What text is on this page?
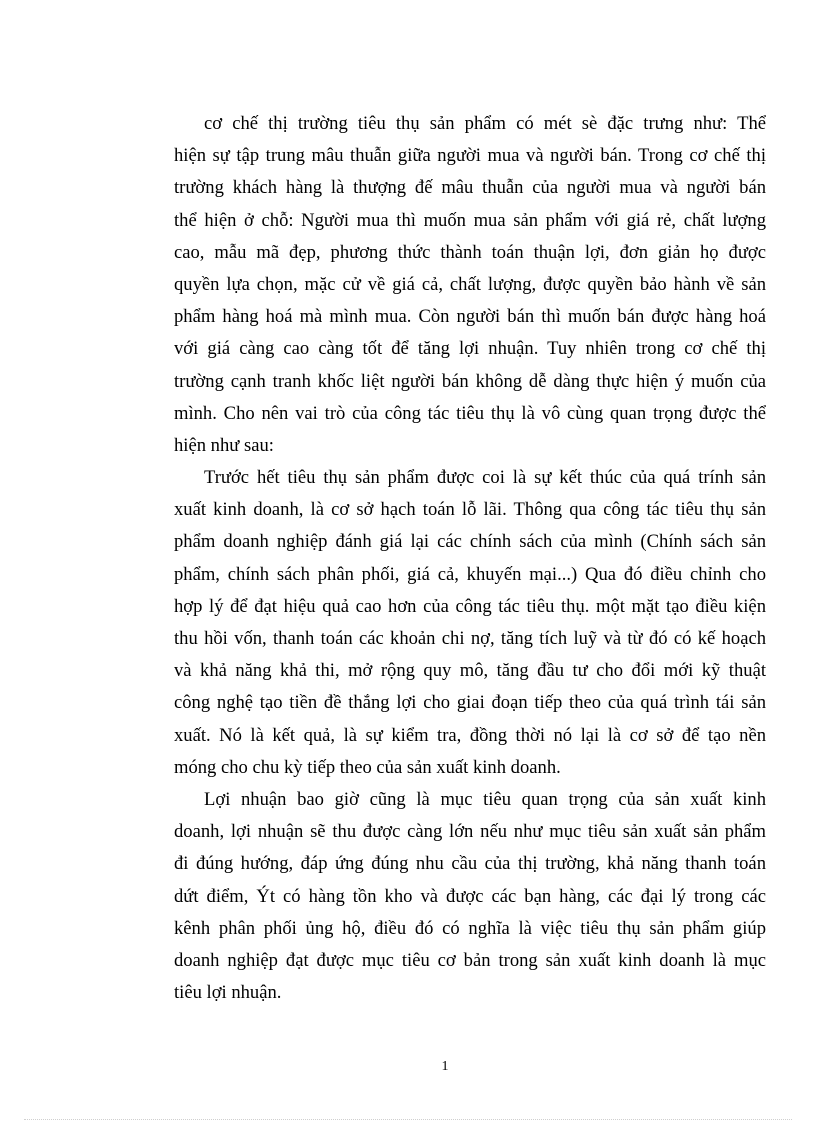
cơ chế thị trường tiêu thụ sản phẩm có mét sè đặc trưng như: Thể
hiện sự tập trung mâu thuẫn giữa người mua và người bán. Trong cơ chế thị
trường khách hàng là thượng đế mâu thuẫn của người mua và người bán
thể hiện ở chỗ: Người mua thì muốn mua sản phẩm với giá rẻ, chất lượng
cao, mẫu mã đẹp, phương thức thành toán thuận lợi, đơn giản họ được
quyền lựa chọn, mặc cử về giá cả, chất lượng, được quyền bảo hành về sản
phẩm hàng hoá mà mình mua. Còn người bán thì muốn bán được hàng hoá
với giá càng cao càng tốt để tăng lợi nhuận. Tuy nhiên trong cơ chế thị
trường cạnh tranh khốc liệt người bán không dễ dàng thực hiện ý muốn của
mình. Cho nên vai trò của công tác tiêu thụ là vô cùng quan trọng được thể
hiện như sau:
Trước hết tiêu thụ sản phẩm được coi là sự kết thúc của quá trính sản
xuất kinh doanh, là cơ sở hạch toán lỗ lãi. Thông qua công tác tiêu thụ sản
phẩm doanh nghiệp đánh giá lại các chính sách của mình (Chính sách sản
phẩm, chính sách phân phối, giá cả, khuyến mại...) Qua đó điều chỉnh cho
hợp lý để đạt hiệu quả cao hơn của công tác tiêu thụ. một mặt tạo điều kiện
thu hồi vốn, thanh toán các khoản chi nợ, tăng tích luỹ và từ đó có kế hoạch
và khả năng khả thi, mở rộng quy mô, tăng đầu tư cho đổi mới kỹ thuật
công nghệ tạo tiền đề thắng lợi cho giai đoạn tiếp theo của quá trình tái sản
xuất. Nó là kết quả, là sự kiểm tra, đồng thời nó lại là cơ sở để tạo nền
móng cho chu kỳ tiếp theo của sản xuất kinh doanh.
Lợi nhuận bao giờ cũng là mục tiêu quan trọng của sản xuất kinh
doanh, lợi nhuận sẽ thu được càng lớn nếu như mục tiêu sản xuất sản phẩm
đi đúng hướng, đáp ứng đúng nhu cầu của thị trường, khả năng thanh toán
dứt điểm, Ýt có hàng tồn kho và được các bạn hàng, các đại lý trong các
kênh phân phối ủng hộ, điều đó có nghĩa là việc tiêu thụ sản phẩm giúp
doanh nghiệp đạt được mục tiêu cơ bản trong sản xuất kinh doanh là mục
tiêu lợi nhuận.
1
